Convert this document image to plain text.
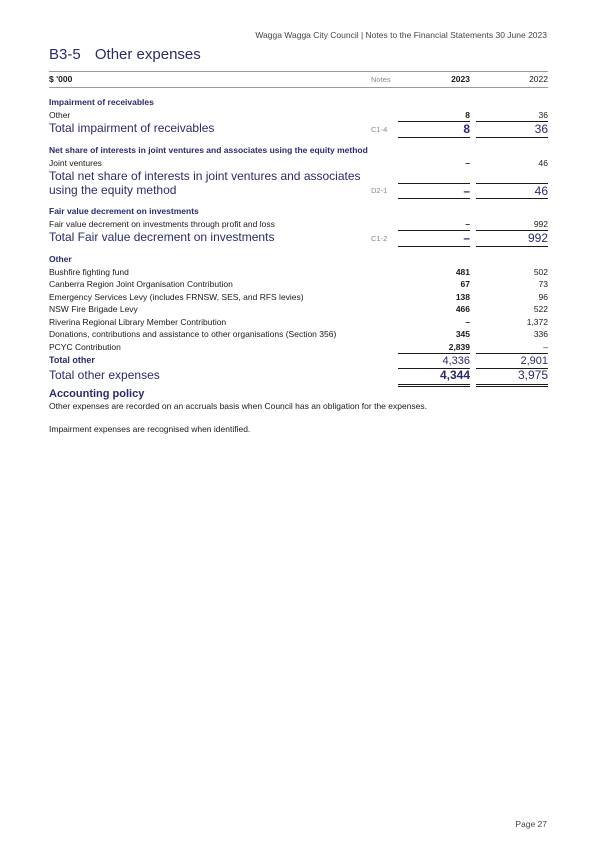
Wagga Wagga City Council | Notes to the Financial Statements 30 June 2023
B3-5 Other expenses
$ '000	Notes	2023	2022
Impairment of receivables
Other	8	36
Total impairment of receivables	C1-4	8	36
Net share of interests in joint ventures and associates using the equity method
Joint ventures	–	46
Total net share of interests in joint ventures and associates
using the equity method	D2-1	–	46
Fair value decrement on investments
Fair value decrement on investments through profit and loss	–	992
Total Fair value decrement on investments	C1-2	–	992
Other
Bushfire fighting fund	481	502
Canberra Region Joint Organisation Contribution	67	73
Emergency Services Levy (includes FRNSW, SES, and RFS levies)	138	96
NSW Fire Brigade Levy	466	522
Riverina Regional Library Member Contribution	–	1,372
Donations, contributions and assistance to other organisations (Section 356)	345	336
PCYC Contribution	2,839	–
Total other	4,336	2,901
Total other expenses	4,344	3,975
Accounting policy

Other expenses are recorded on an accruals basis when Council has an obligation for the expenses.

Impairment expenses are recognised when identified.

Page 27
